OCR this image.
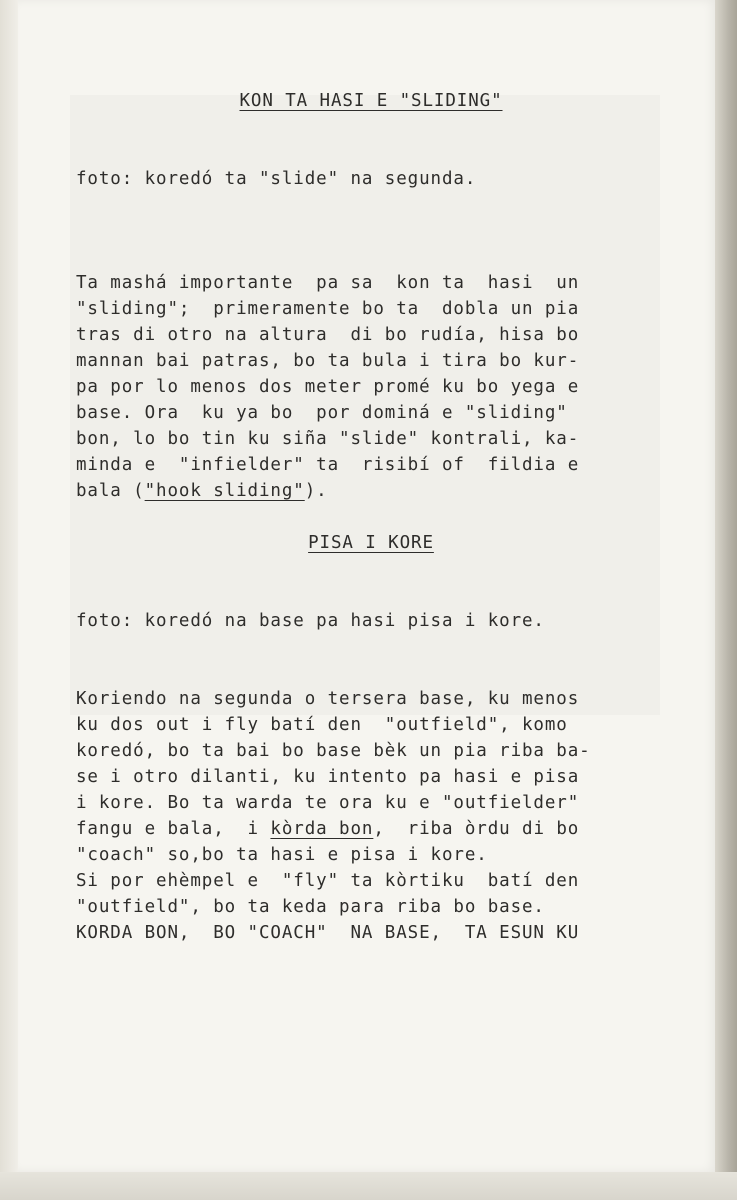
KON TA HASI E "SLIDING"

foto: koredó ta "slide" na segunda.

Ta mashá importante  pa sa  kon ta  hasi  un

"sliding";  primeramente bo ta  dobla un pia

tras di otro na altura  di bo rudía, hisa bo

mannan bai patras, bo ta bula i tira bo kur-

pa por lo menos dos meter promé ku bo yega e

base. Ora  ku ya bo  por dominá e "sliding"

bon, lo bo tin ku siña "slide" kontrali, ka-

minda e  "infielder" ta  risibí of  fildia e

bala ("hook sliding").

PISA I KORE

foto: koredó na base pa hasi pisa i kore.

Koriendo na segunda o tersera base, ku menos

ku dos out i fly batí den  "outfield", komo

koredó, bo ta bai bo base bèk un pia riba ba-

se i otro dilanti, ku intento pa hasi e pisa

i kore. Bo ta warda te ora ku e "outfielder"

fangu e bala,  i kòrda bon,  riba òrdu di bo

"coach" so,bo ta hasi e pisa i kore.

Si por ehèmpel e  "fly" ta kòrtiku  batí den

"outfield", bo ta keda para riba bo base.

KORDA BON,  BO "COACH"  NA BASE,  TA ESUN KU
